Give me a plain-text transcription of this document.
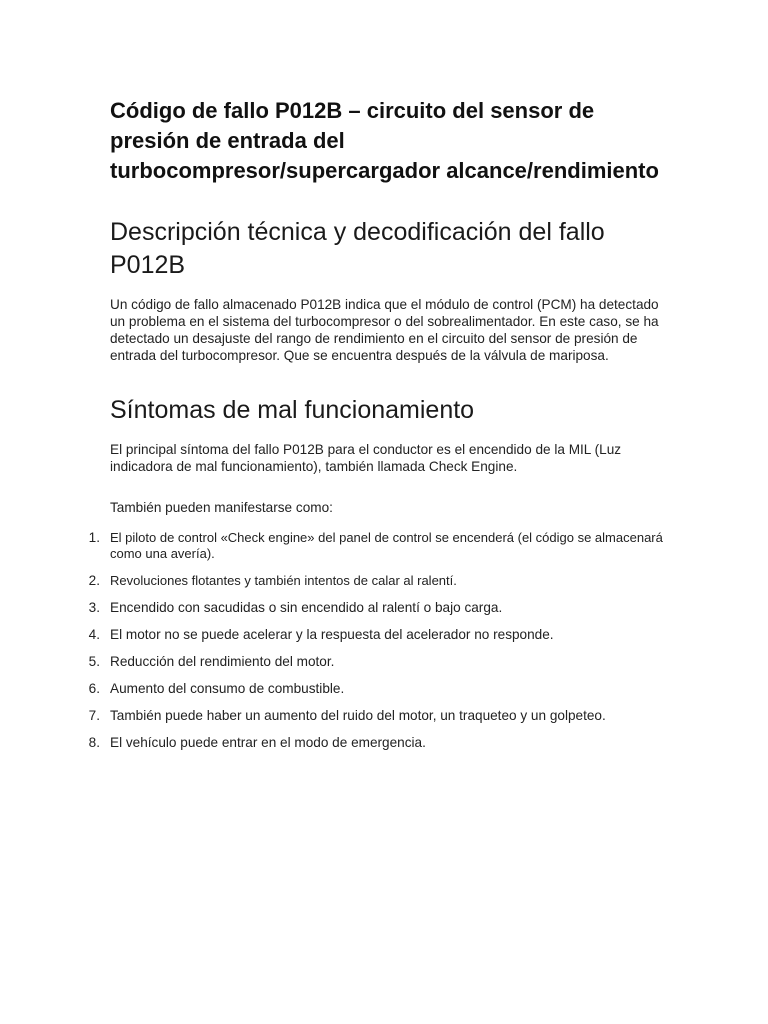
Código de fallo P012B – circuito del sensor de presión de entrada del turbocompresor/supercargador alcance/rendimiento
Descripción técnica y decodificación del fallo P012B

Un código de fallo almacenado P012B indica que el módulo de control (PCM) ha detectado un problema en el sistema del turbocompresor o del sobrealimentador. En este caso, se ha detectado un desajuste del rango de rendimiento en el circuito del sensor de presión de entrada del turbocompresor. Que se encuentra después de la válvula de mariposa.

Síntomas de mal funcionamiento

El principal síntoma del fallo P012B para el conductor es el encendido de la MIL (Luz indicadora de mal funcionamiento), también llamada Check Engine.

También pueden manifestarse como:

1. El piloto de control «Check engine» del panel de control se encenderá (el código se almacenará como una avería).
2. Revoluciones flotantes y también intentos de calar al ralentí.
3. Encendido con sacudidas o sin encendido al ralentí o bajo carga.
4. El motor no se puede acelerar y la respuesta del acelerador no responde.
5. Reducción del rendimiento del motor.
6. Aumento del consumo de combustible.
7. También puede haber un aumento del ruido del motor, un traqueteo y un golpeteo.
8. El vehículo puede entrar en el modo de emergencia.
